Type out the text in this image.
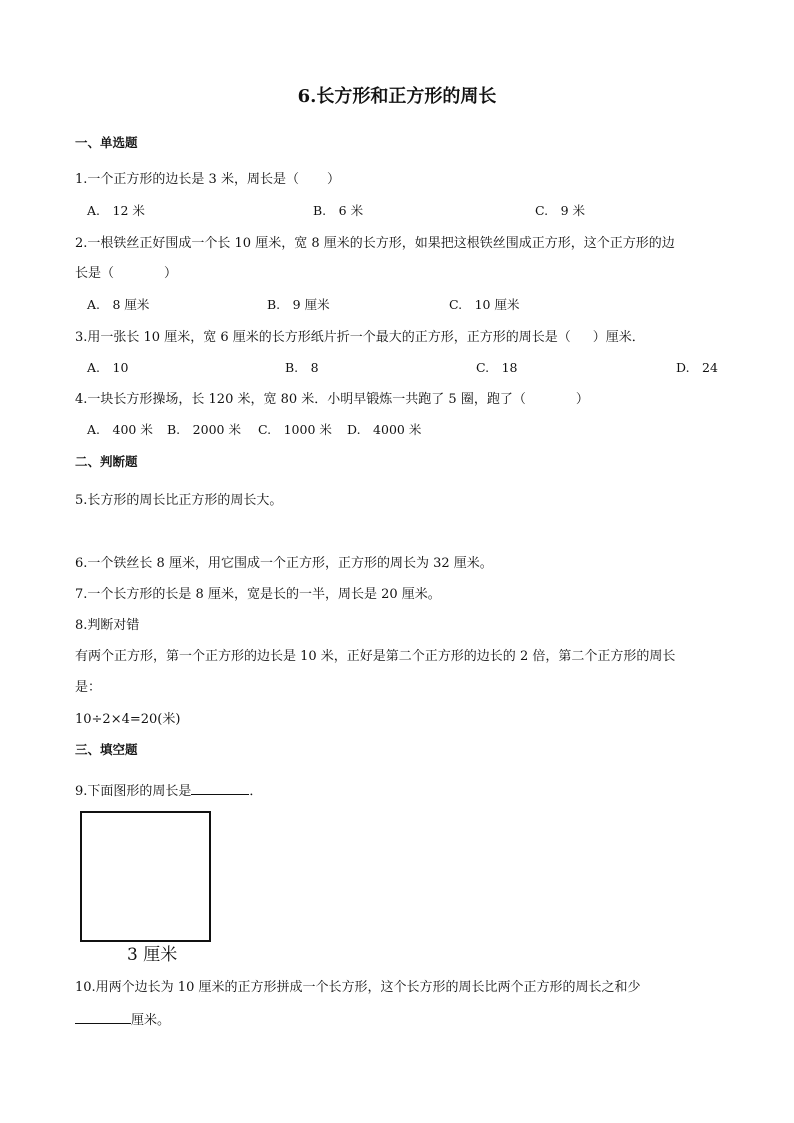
6.长方形和正方形的周长
一、单选题
1.一个正方形的边长是 3 米，周长是（ ）
A.　12 米	B.　6 米	C.　9 米
2.一根铁丝正好围成一个长 10 厘米，宽 8 厘米的长方形，如果把这根铁丝围成正方形，这个正方形的边
长是（	）
A.　8 厘米	B.　9 厘米	C.　10 厘米
3.用一张长 10 厘米，宽 6 厘米的长方形纸片折一个最大的正方形，正方形的周长是（ ）厘米．
A.　10	B.　8	C.　18	D.　24
4.一块长方形操场，长 120 米，宽 80 米．小明早锻炼一共跑了 5 圈，跑了（	）
A.　400 米 B.　2000 米 C.　1000 米 D.　4000 米
二、判断题
5.长方形的周长比正方形的周长大。
6.一个铁丝长 8 厘米，用它围成一个正方形，正方形的周长为 32 厘米。
7.一个长方形的长是 8 厘米，宽是长的一半，周长是 20 厘米。
8.判断对错
有两个正方形，第一个正方形的边长是 10 米，正好是第二个正方形的边长的 2 倍，第二个正方形的周长
是：
10÷2×4=20(米)
三、填空题
9.下面图形的周长是	．
3 厘米
10.用两个边长为 10 厘米的正方形拼成一个长方形，这个长方形的周长比两个正方形的周长之和少
厘米。
